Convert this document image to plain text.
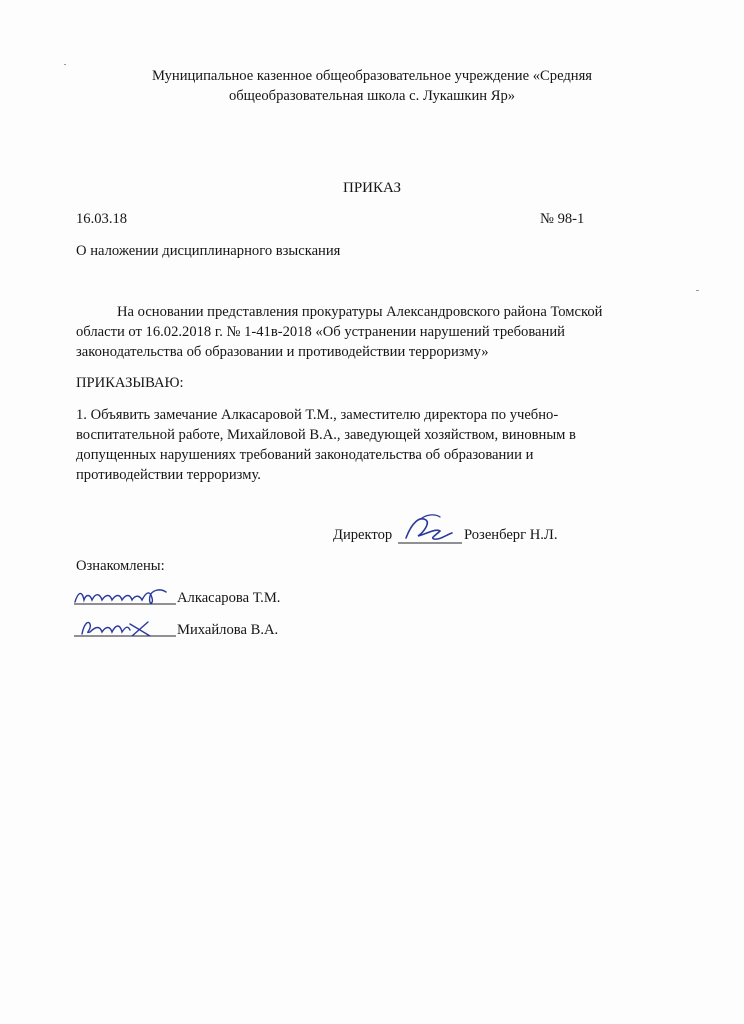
Муниципальное казенное общеобразовательное учреждение «Средняя

общеобразовательная школа с. Лукашкин Яр»

ПРИКАЗ

16.03.18	№ 98-1

О наложении дисциплинарного взыскания

На основании представления прокуратуры Александровского района Томской

области от 16.02.2018 г. № 1-41в-2018 «Об устранении нарушений требований

законодательства об образовании и противодействии терроризму»

ПРИКАЗЫВАЮ:

1. Объявить замечание Алкасаровой Т.М., заместителю директора по учебно-

воспитательной работе, Михайловой В.А., заведующей хозяйством, виновным в

допущенных нарушениях требований законодательства об образовании и

противодействии терроризму.

Директор	Розенберг Н.Л.

Ознакомлены:

Алкасарова Т.М.

Михайлова В.А.
